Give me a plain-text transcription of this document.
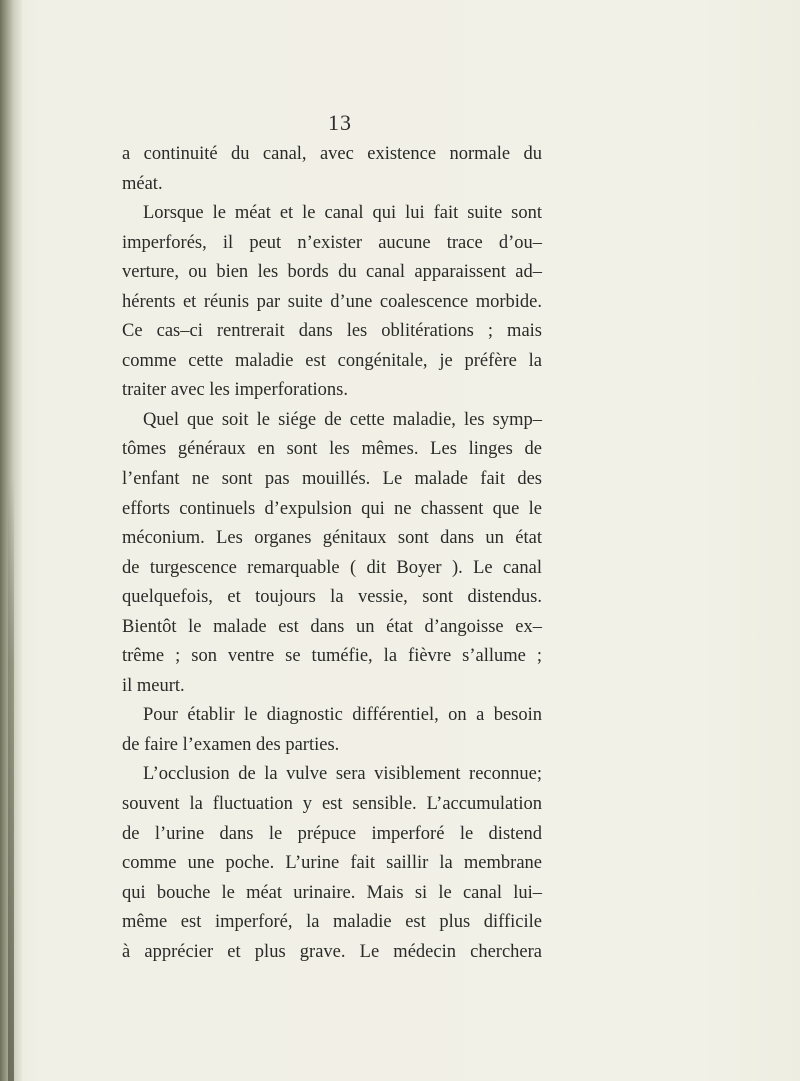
13
a continuité du canal, avec existence normale du
méat.
Lorsque le méat et le canal qui lui fait suite sont
imperforés, il peut n’exister aucune trace d’ou–
verture, ou bien les bords du canal apparaissent ad–
hérents et réunis par suite d’une coalescence morbide.
Ce cas–ci rentrerait dans les oblitérations ; mais
comme cette maladie est congénitale, je préfère la
traiter avec les imperforations.
Quel que soit le siége de cette maladie, les symp–
tômes généraux en sont les mêmes. Les linges de
l’enfant ne sont pas mouillés. Le malade fait des
efforts continuels d’expulsion qui ne chassent que le
méconium. Les organes génitaux sont dans un état
de turgescence remarquable ( dit Boyer ). Le canal
quelquefois, et toujours la vessie, sont distendus.
Bientôt le malade est dans un état d’angoisse ex–
trême ; son ventre se tuméfie, la fièvre s’allume ;
il meurt.
Pour établir le diagnostic différentiel, on a besoin
de faire l’examen des parties.
L’occlusion de la vulve sera visiblement reconnue;
souvent la fluctuation y est sensible. L’accumulation
de l’urine dans le prépuce imperforé le distend
comme une poche. L’urine fait saillir la membrane
qui bouche le méat urinaire. Mais si le canal lui–
même est imperforé, la maladie est plus difficile
à apprécier et plus grave. Le médecin cherchera
